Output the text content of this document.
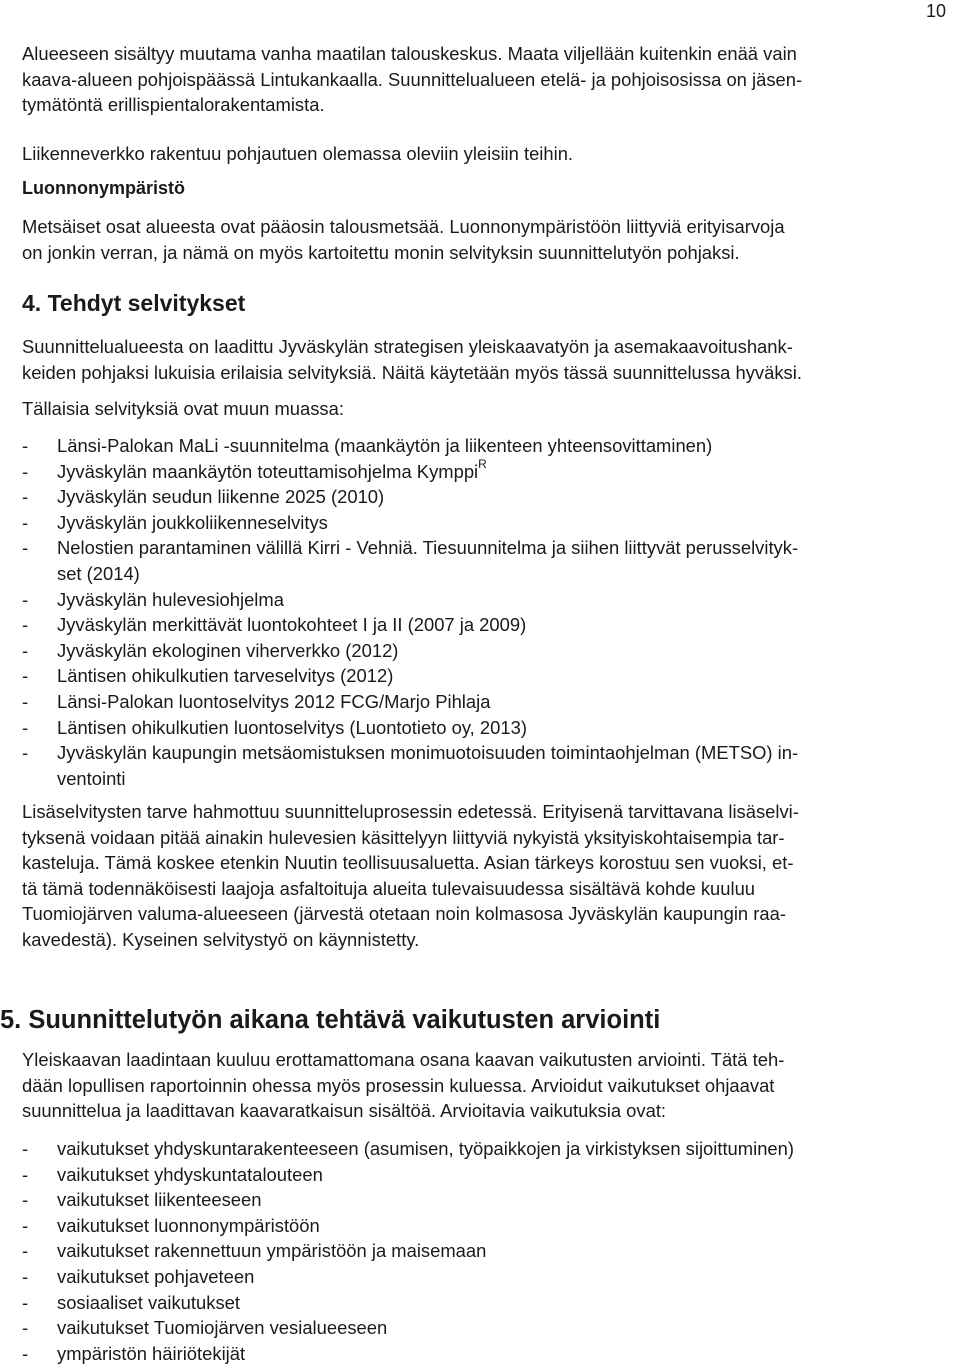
10

Alueeseen sisältyy muutama vanha maatilan talouskeskus. Maata viljellään kuitenkin enää vain

kaava-alueen pohjoispäässä Lintukankaalla. Suunnittelualueen etelä- ja pohjoisosissa on jäsen-

tymätöntä erillispientalorakentamista.

Liikenneverkko rakentuu pohjautuen olemassa oleviin yleisiin teihin.

Luonnonympäristö

Metsäiset osat alueesta ovat pääosin talousmetsää. Luonnonympäristöön liittyviä erityisarvoja

on jonkin verran, ja nämä on myös kartoitettu monin selvityksin suunnittelutyön pohjaksi.

4. Tehdyt selvitykset

Suunnittelualueesta on laadittu Jyväskylän strategisen yleiskaavatyön ja asemakaavoitushank-

keiden pohjaksi lukuisia erilaisia selvityksiä. Näitä käytetään myös tässä suunnittelussa hyväksi.

Tällaisia selvityksiä ovat muun muassa:

- Länsi-Palokan MaLi -suunnitelma (maankäytön ja liikenteen yhteensovittaminen)
- Jyväskylän maankäytön toteuttamisohjelma Kymppi$^R$
- Jyväskylän seudun liikenne 2025 (2010)
- Jyväskylän joukkoliikenneselvitys
- Nelostien parantaminen välillä Kirri - Vehniä. Tiesuunnitelma ja siihen liittyvät perusselvityk-
set (2014)
- Jyväskylän hulevesiohjelma
- Jyväskylän merkittävät luontokohteet I ja II (2007 ja 2009)
- Jyväskylän ekologinen viherverkko (2012)
- Läntisen ohikulkutien tarveselvitys (2012)
- Länsi-Palokan luontoselvitys 2012 FCG/Marjo Pihlaja
- Läntisen ohikulkutien luontoselvitys (Luontotieto oy, 2013)
- Jyväskylän kaupungin metsäomistuksen monimuotoisuuden toimintaohjelman (METSO) in-
ventointi

Lisäselvitysten tarve hahmottuu suunnitteluprosessin edetessä. Erityisenä tarvittavana lisäselvi-

tyksenä voidaan pitää ainakin hulevesien käsittelyyn liittyviä nykyistä yksityiskohtaisempia tar-

kasteluja. Tämä koskee etenkin Nuutin teollisuusaluetta. Asian tärkeys korostuu sen vuoksi, et-

tä tämä todennäköisesti laajoja asfaltoituja alueita tulevaisuudessa sisältävä kohde kuuluu

Tuomiojärven valuma-alueeseen (järvestä otetaan noin kolmasosa Jyväskylän kaupungin raa-

kavedestä). Kyseinen selvitystyö on käynnistetty.

5. Suunnittelutyön aikana tehtävä vaikutusten arviointi

Yleiskaavan laadintaan kuuluu erottamattomana osana kaavan vaikutusten arviointi. Tätä teh-

dään lopullisen raportoinnin ohessa myös prosessin kuluessa. Arvioidut vaikutukset ohjaavat

suunnittelua ja laadittavan kaavaratkaisun sisältöä. Arvioitavia vaikutuksia ovat:

- vaikutukset yhdyskuntarakenteeseen (asumisen, työpaikkojen ja virkistyksen sijoittuminen)
- vaikutukset yhdyskuntatalouteen
- vaikutukset liikenteeseen
- vaikutukset luonnonympäristöön
- vaikutukset rakennettuun ympäristöön ja maisemaan
- vaikutukset pohjaveteen
- sosiaaliset vaikutukset
- vaikutukset Tuomiojärven vesialueeseen
- ympäristön häiriötekijät
